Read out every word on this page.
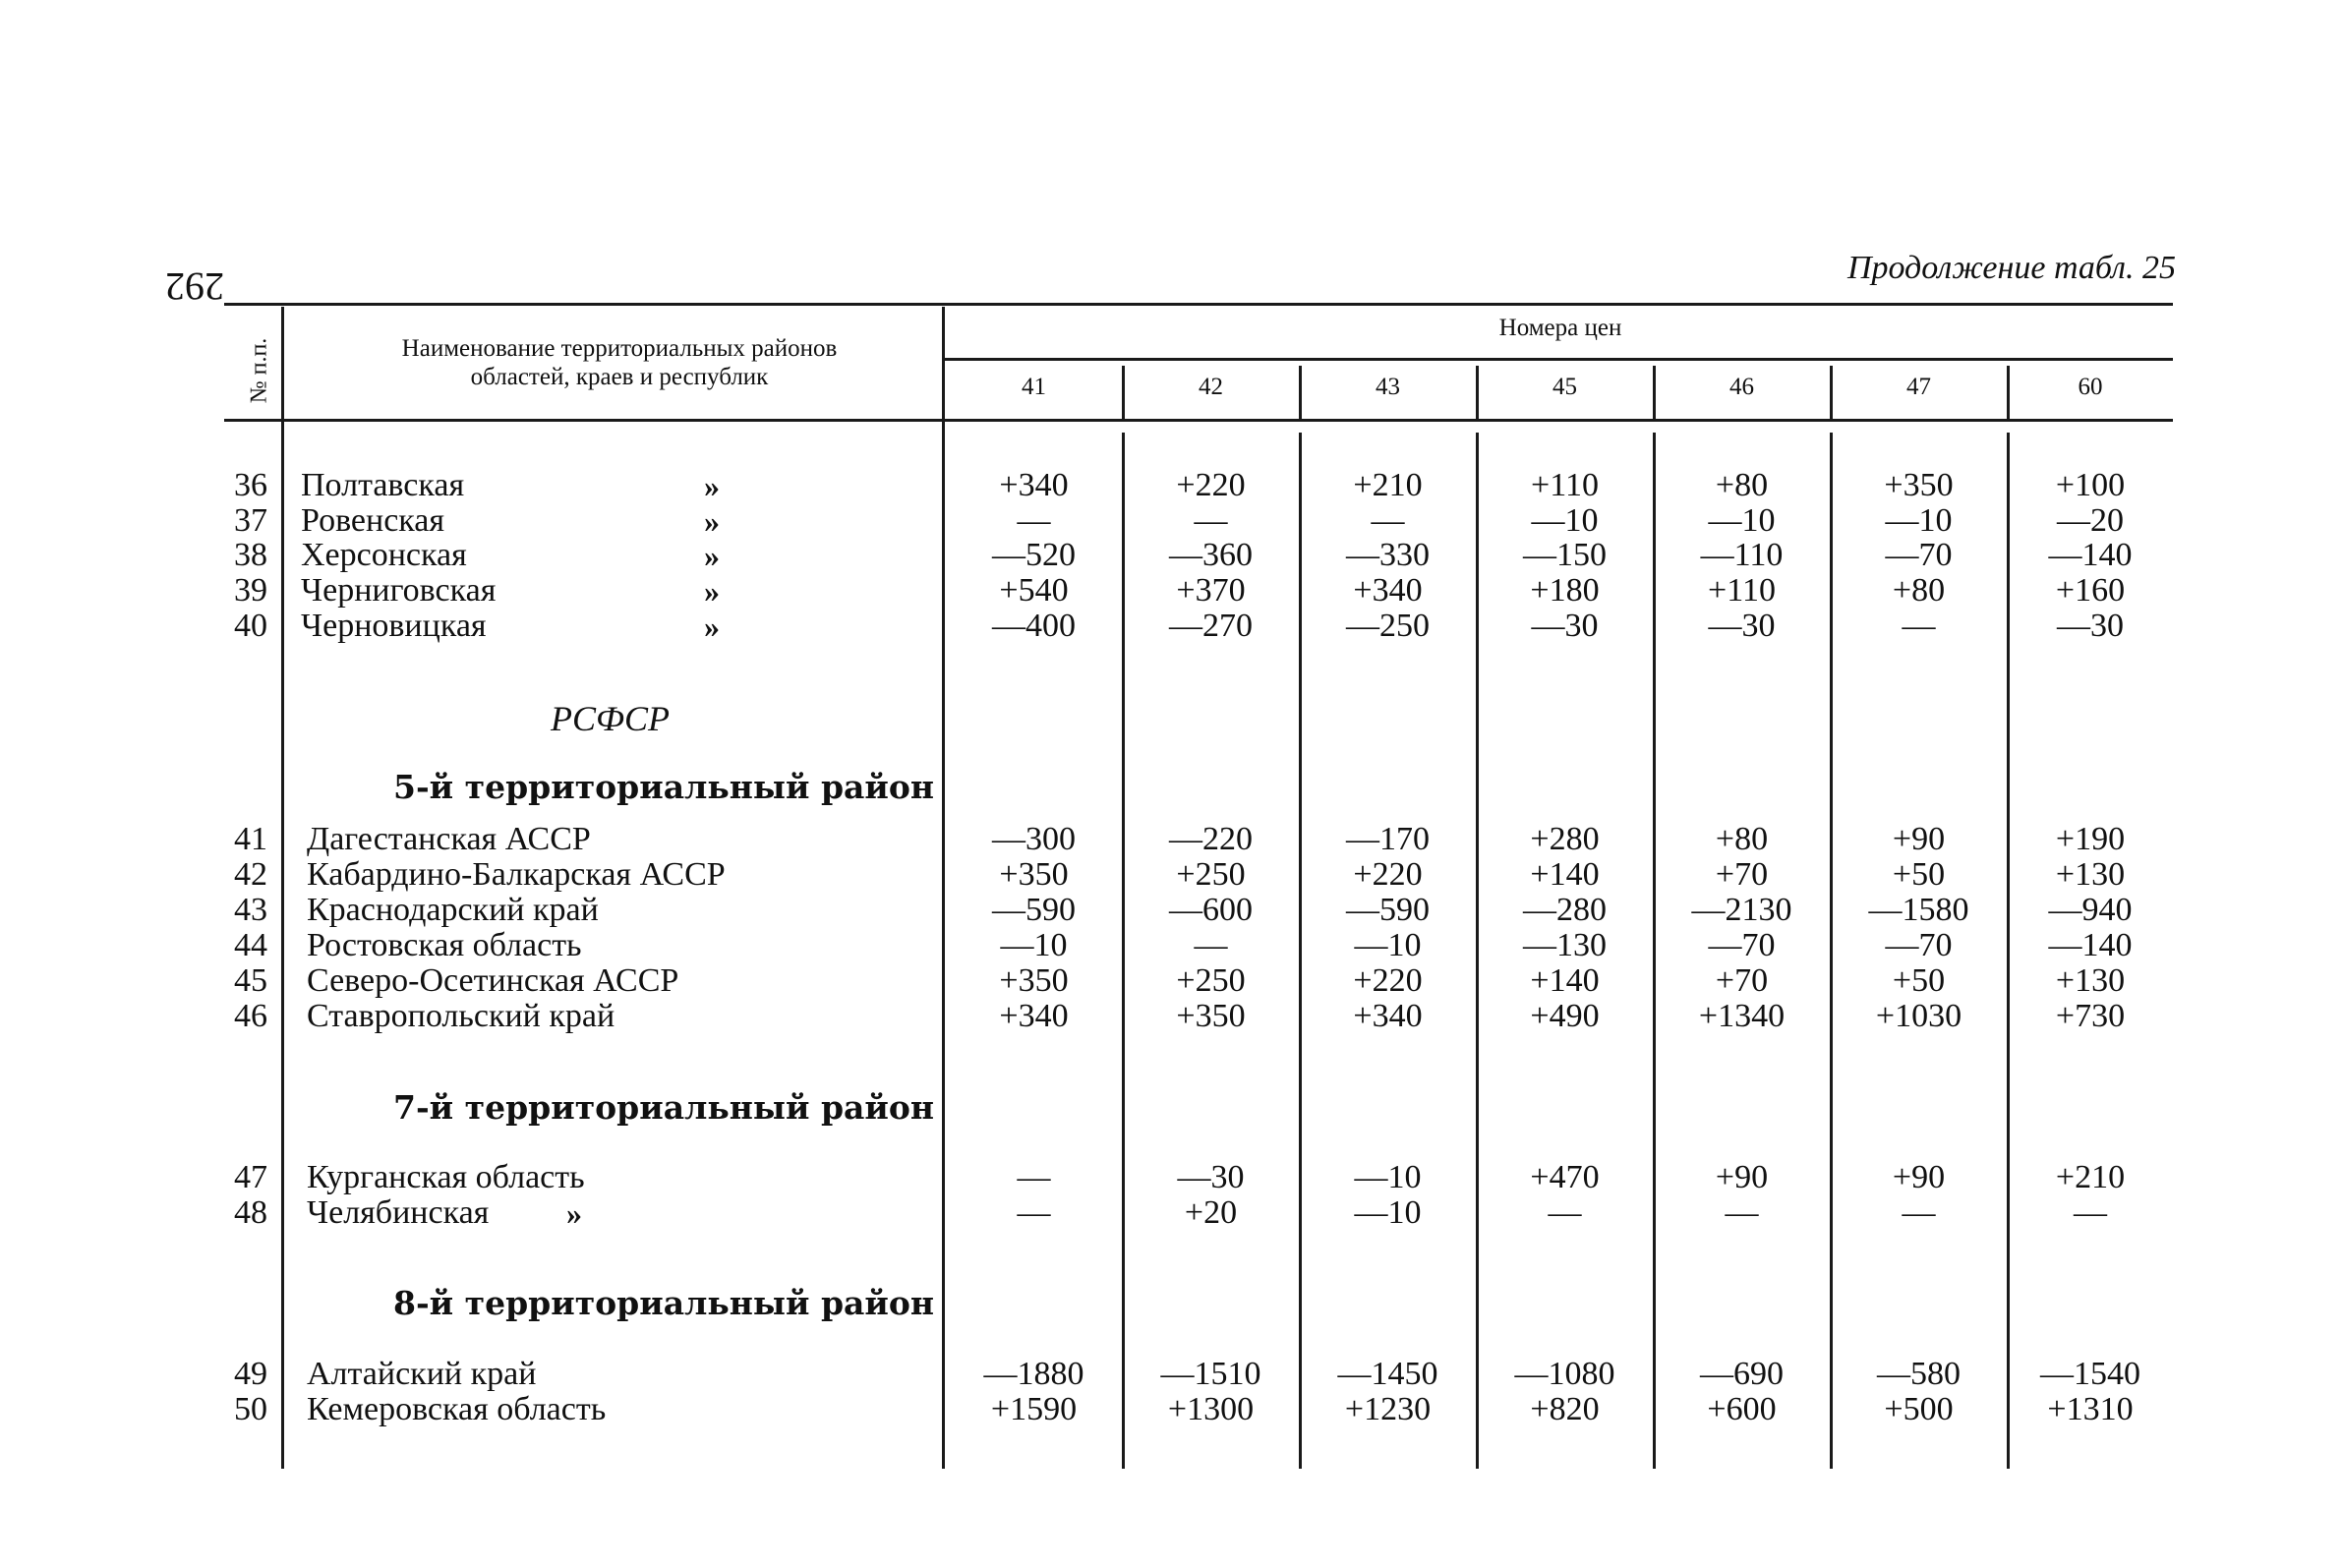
292	Продолжение табл. 25
№ п.п.	Наименование территориальных районов
областей, краев и республик
Номера цен
41	42	43	45	46	47	60
36 Полтавская	»	+340	+220	+210	+110	+80	+350	+100
37 Ровенская	»	—	—	—	—10	—10	—10	—20
38 Херсонская	»	—520	—360	—330	—150	—110	—70	—140
39 Черниговская	»	+540	+370	+340	+180	+110	+80	+160
40 Черновицкая	»	—400	—270	—250	—30	—30	—	—30
РСФСР
5-й территориальный район
41 Дагестанская АССР	—300	—220	—170	+280	+80	+90	+190
42 Кабардино-Балкарская АССР	+350	+250	+220	+140	+70	+50	+130
43 Краснодарский край	—590	—600	—590	—280	—2130	—1580	—940
44 Ростовская область	—10	—	—10	—130	—70	—70	—140
45 Северо-Осетинская АССР	+350	+250	+220	+140	+70	+50	+130
46 Ставропольский край	+340	+350	+340	+490	+1340	+1030	+730
7-й территориальный район
47 Курганская область	—	—30	—10	+470	+90	+90	+210
48 Челябинская »	—	+20	—10	—	—	—	—
8-й территориальный район
49 Алтайский край	—1880	—1510	—1450	—1080	—690	—580	—1540
50 Кемеровская область	+1590	+1300	+1230	+820	+600	+500	+1310
